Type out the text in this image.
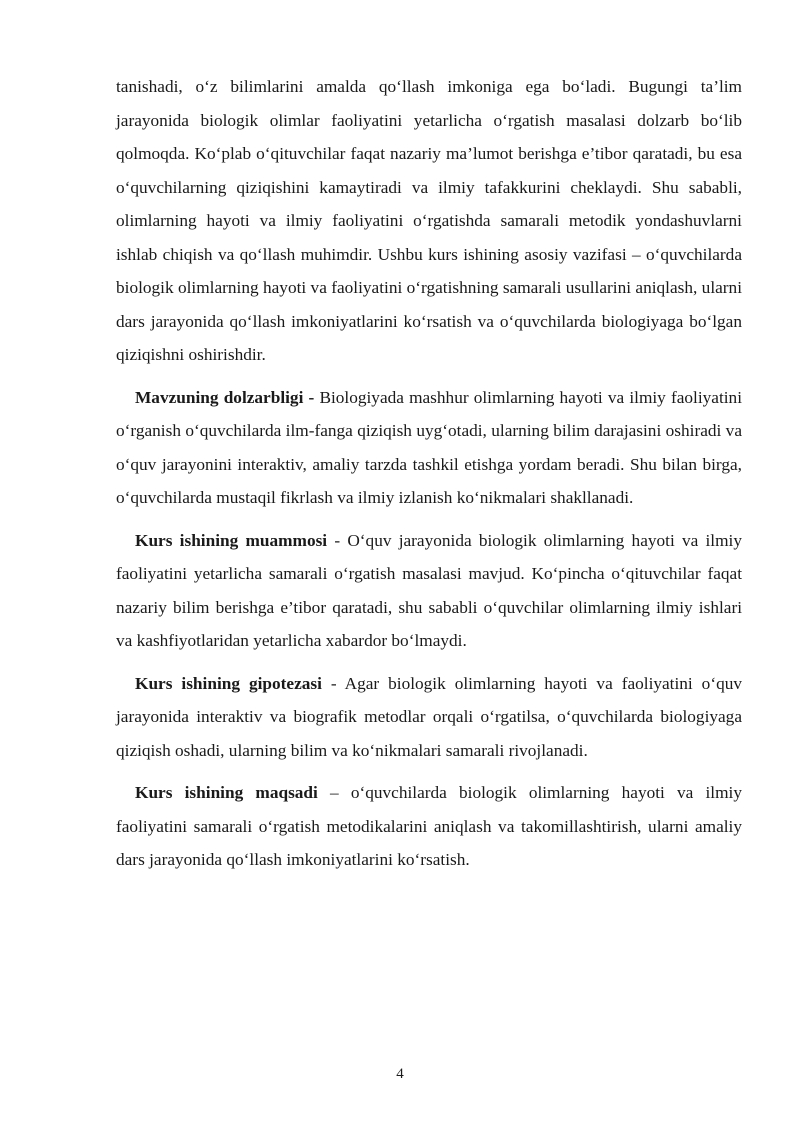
tanishadi, o‘z bilimlarini amalda qo‘llash imkoniga ega bo‘ladi. Bugungi ta’lim jarayonida biologik olimlar faoliyatini yetarlicha o‘rgatish masalasi dolzarb bo‘lib qolmoqda. Ko‘plab o‘qituvchilar faqat nazariy ma’lumot berishga e’tibor qaratadi, bu esa o‘quvchilarning qiziqishini kamaytiradi va ilmiy tafakkurini cheklaydi. Shu sababli, olimlarning hayoti va ilmiy faoliyatini o‘rgatishda samarali metodik yondashuvlarni ishlab chiqish va qo‘llash muhimdir. Ushbu kurs ishining asosiy vazifasi – o‘quvchilarda biologik olimlarning hayoti va faoliyatini o‘rgatishning samarali usullarini aniqlash, ularni dars jarayonida qo‘llash imkoniyatlarini ko‘rsatish va o‘quvchilarda biologiyaga bo‘lgan qiziqishni oshirishdir.

Mavzuning dolzarbligi - Biologiyada mashhur olimlarning hayoti va ilmiy faoliyatini o‘rganish o‘quvchilarda ilm-fanga qiziqish uyg‘otadi, ularning bilim darajasini oshiradi va o‘quv jarayonini interaktiv, amaliy tarzda tashkil etishga yordam beradi. Shu bilan birga, o‘quvchilarda mustaqil fikrlash va ilmiy izlanish ko‘nikmalari shakllanadi.

Kurs ishining muammosi - O‘quv jarayonida biologik olimlarning hayoti va ilmiy faoliyatini yetarlicha samarali o‘rgatish masalasi mavjud. Ko‘pincha o‘qituvchilar faqat nazariy bilim berishga e’tibor qaratadi, shu sababli o‘quvchilar olimlarning ilmiy ishlari va kashfiyotlaridan yetarlicha xabardor bo‘lmaydi.

Kurs ishining gipotezasi - Agar biologik olimlarning hayoti va faoliyatini o‘quv jarayonida interaktiv va biografik metodlar orqali o‘rgatilsa, o‘quvchilarda biologiyaga qiziqish oshadi, ularning bilim va ko‘nikmalari samarali rivojlanadi.

Kurs ishining maqsadi – o‘quvchilarda biologik olimlarning hayoti va ilmiy faoliyatini samarali o‘rgatish metodikalarini aniqlash va takomillashtirish, ularni amaliy dars jarayonida qo‘llash imkoniyatlarini ko‘rsatish.

4
